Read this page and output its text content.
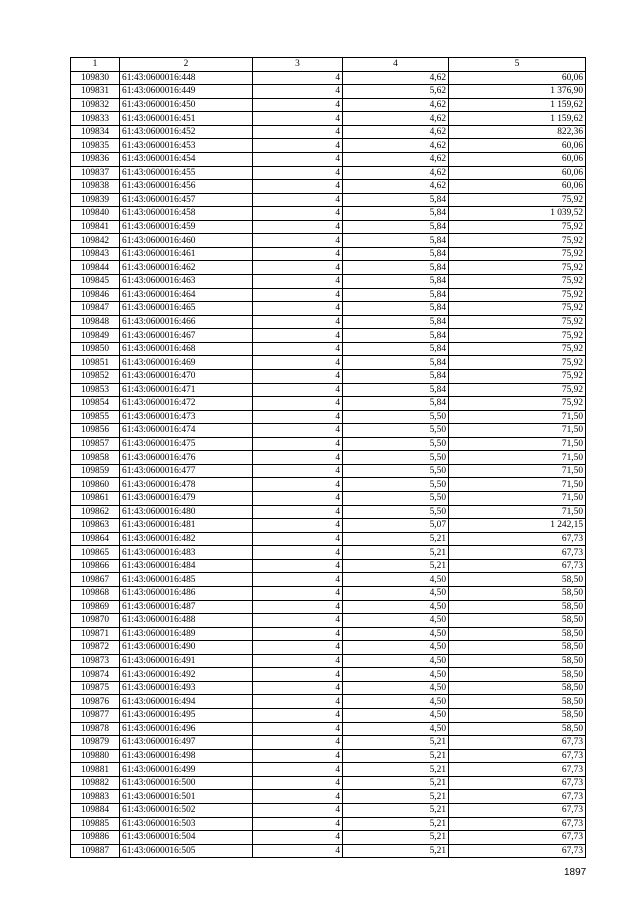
1	2	3	4	5
109830	61:43:0600016:448	4	4,62	60,06
109831	61:43:0600016:449	4	5,62	1 376,90
109832	61:43:0600016:450	4	4,62	1 159,62
109833	61:43:0600016:451	4	4,62	1 159,62
109834	61:43:0600016:452	4	4,62	822,36
109835	61:43:0600016:453	4	4,62	60,06
109836	61:43:0600016:454	4	4,62	60,06
109837	61:43:0600016:455	4	4,62	60,06
109838	61:43:0600016:456	4	4,62	60,06
109839	61:43:0600016:457	4	5,84	75,92
109840	61:43:0600016:458	4	5,84	1 039,52
109841	61:43:0600016:459	4	5,84	75,92
109842	61:43:0600016:460	4	5,84	75,92
109843	61:43:0600016:461	4	5,84	75,92
109844	61:43:0600016:462	4	5,84	75,92
109845	61:43:0600016:463	4	5,84	75,92
109846	61:43:0600016:464	4	5,84	75,92
109847	61:43:0600016:465	4	5,84	75,92
109848	61:43:0600016:466	4	5,84	75,92
109849	61:43:0600016:467	4	5,84	75,92
109850	61:43:0600016:468	4	5,84	75,92
109851	61:43:0600016:469	4	5,84	75,92
109852	61:43:0600016:470	4	5,84	75,92
109853	61:43:0600016:471	4	5,84	75,92
109854	61:43:0600016:472	4	5,84	75,92
109855	61:43:0600016:473	4	5,50	71,50
109856	61:43:0600016:474	4	5,50	71,50
109857	61:43:0600016:475	4	5,50	71,50
109858	61:43:0600016:476	4	5,50	71,50
109859	61:43:0600016:477	4	5,50	71,50
109860	61:43:0600016:478	4	5,50	71,50
109861	61:43:0600016:479	4	5,50	71,50
109862	61:43:0600016:480	4	5,50	71,50
109863	61:43:0600016:481	4	5,07	1 242,15
109864	61:43:0600016:482	4	5,21	67,73
109865	61:43:0600016:483	4	5,21	67,73
109866	61:43:0600016:484	4	5,21	67,73
109867	61:43:0600016:485	4	4,50	58,50
109868	61:43:0600016:486	4	4,50	58,50
109869	61:43:0600016:487	4	4,50	58,50
109870	61:43:0600016:488	4	4,50	58,50
109871	61:43:0600016:489	4	4,50	58,50
109872	61:43:0600016:490	4	4,50	58,50
109873	61:43:0600016:491	4	4,50	58,50
109874	61:43:0600016:492	4	4,50	58,50
109875	61:43:0600016:493	4	4,50	58,50
109876	61:43:0600016:494	4	4,50	58,50
109877	61:43:0600016:495	4	4,50	58,50
109878	61:43:0600016:496	4	4,50	58,50
109879	61:43:0600016:497	4	5,21	67,73
109880	61:43:0600016:498	4	5,21	67,73
109881	61:43:0600016:499	4	5,21	67,73
109882	61:43:0600016:500	4	5,21	67,73
109883	61:43:0600016:501	4	5,21	67,73
109884	61:43:0600016:502	4	5,21	67,73
109885	61:43:0600016:503	4	5,21	67,73
109886	61:43:0600016:504	4	5,21	67,73
109887	61:43:0600016:505	4	5,21	67,73
1897
